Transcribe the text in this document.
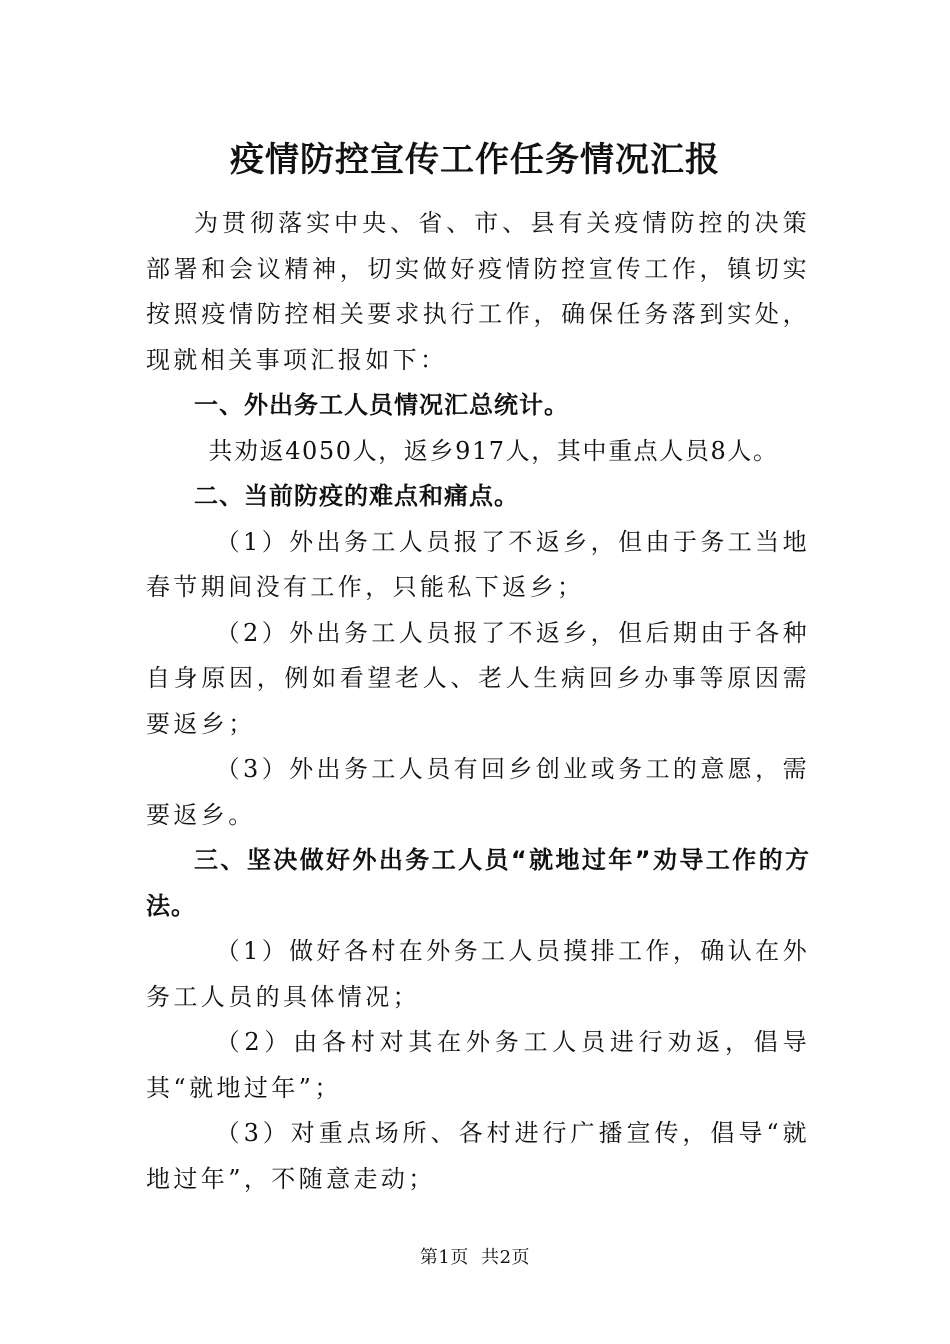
疫情防控宣传工作任务情况汇报

为贯彻落实中央、省、市、县有关疫情防控的决策部署和会议精神，切实做好疫情防控宣传工作，镇切实按照疫情防控相关要求执行工作，确保任务落到实处，现就相关事项汇报如下：

一、外出务工人员情况汇总统计。

共劝返4050人，返乡917人，其中重点人员8人。

二、当前防疫的难点和痛点。

（1）外出务工人员报了不返乡，但由于务工当地春节期间没有工作，只能私下返乡；

（2）外出务工人员报了不返乡，但后期由于各种自身原因，例如看望老人、老人生病回乡办事等原因需要返乡；

（3）外出务工人员有回乡创业或务工的意愿，需要返乡。

三、坚决做好外出务工人员“就地过年”劝导工作的方法。

（1）做好各村在外务工人员摸排工作，确认在外务工人员的具体情况；

（2）由各村对其在外务工人员进行劝返，倡导其“就地过年”；

（3）对重点场所、各村进行广播宣传，倡导“就地过年”，不随意走动；

第1页 共2页
